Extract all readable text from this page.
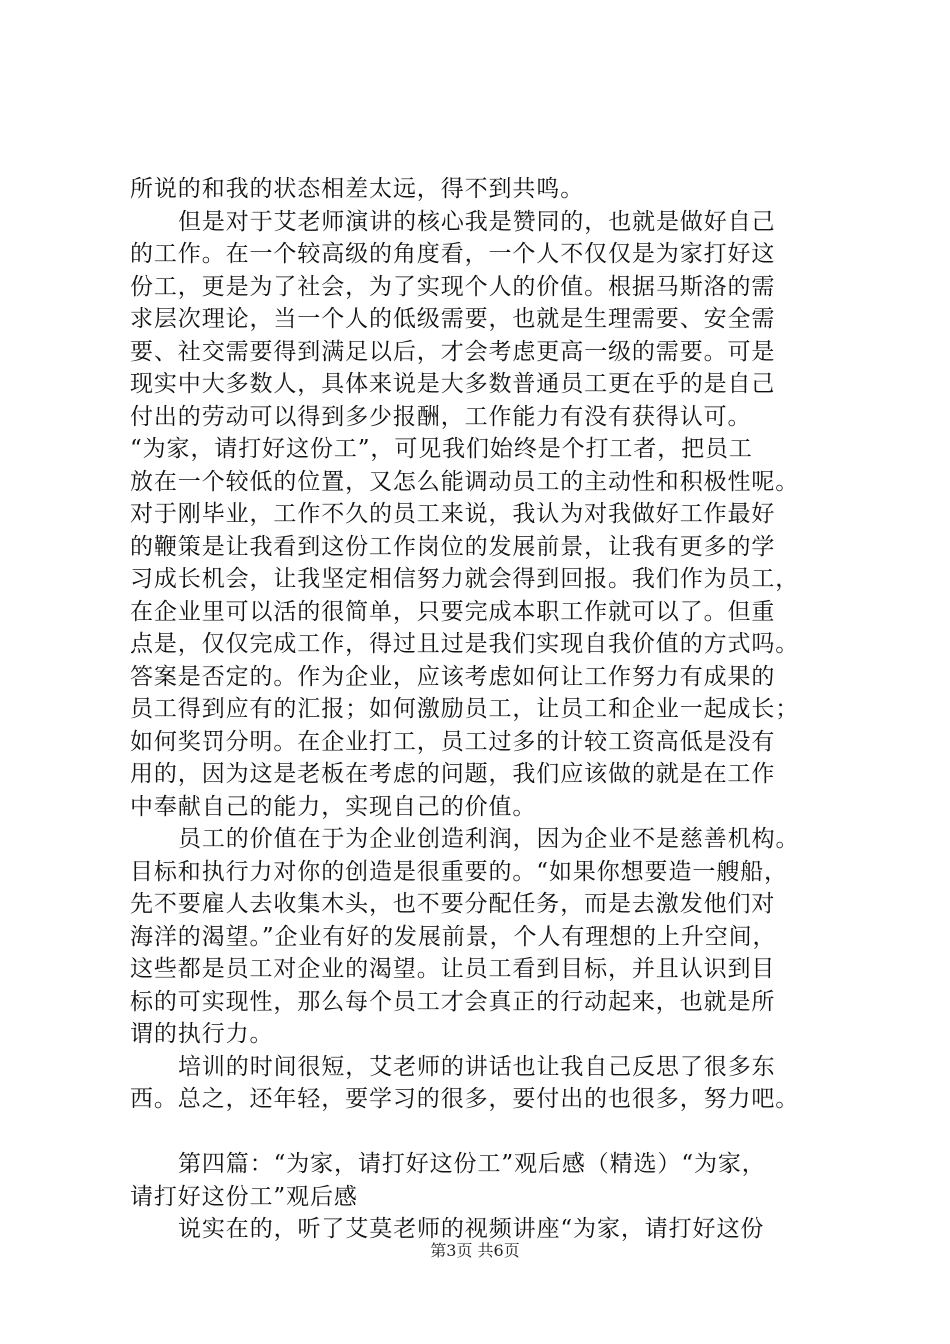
所说的和我的状态相差太远，得不到共鸣。
但是对于艾老师演讲的核心我是赞同的，也就是做好自己
的工作。在一个较高级的角度看，一个人不仅仅是为家打好这
份工，更是为了社会，为了实现个人的价值。根据马斯洛的需
求层次理论，当一个人的低级需要，也就是生理需要、安全需
要、社交需要得到满足以后，才会考虑更高一级的需要。可是
现实中大多数人，具体来说是大多数普通员工更在乎的是自己
付出的劳动可以得到多少报酬，工作能力有没有获得认可。
“为家，请打好这份工”，可见我们始终是个打工者，把员工
放在一个较低的位置，又怎么能调动员工的主动性和积极性呢。
对于刚毕业，工作不久的员工来说，我认为对我做好工作最好
的鞭策是让我看到这份工作岗位的发展前景，让我有更多的学
习成长机会，让我坚定相信努力就会得到回报。我们作为员工，
在企业里可以活的很简单，只要完成本职工作就可以了。但重
点是，仅仅完成工作，得过且过是我们实现自我价值的方式吗。
答案是否定的。作为企业，应该考虑如何让工作努力有成果的
员工得到应有的汇报；如何激励员工，让员工和企业一起成长；
如何奖罚分明。在企业打工，员工过多的计较工资高低是没有
用的，因为这是老板在考虑的问题，我们应该做的就是在工作
中奉献自己的能力，实现自己的价值。
员工的价值在于为企业创造利润，因为企业不是慈善机构。
目标和执行力对你的创造是很重要的。“如果你想要造一艘船，
先不要雇人去收集木头，也不要分配任务，而是去激发他们对
海洋的渴望。”企业有好的发展前景，个人有理想的上升空间，
这些都是员工对企业的渴望。让员工看到目标，并且认识到目
标的可实现性，那么每个员工才会真正的行动起来，也就是所
谓的执行力。
培训的时间很短，艾老师的讲话也让我自己反思了很多东
西。总之，还年轻，要学习的很多，要付出的也很多，努力吧。
第四篇：“为家，请打好这份工”观后感（精选）“为家，
请打好这份工”观后感
说实在的，听了艾莫老师的视频讲座“为家，请打好这份
第3页 共6页
